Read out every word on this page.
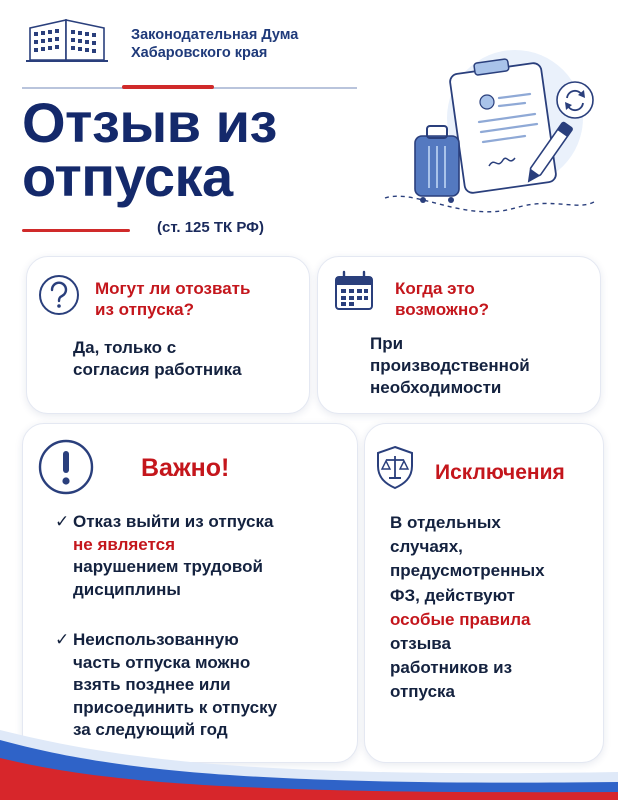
Законодательная Дума
Хабаровского края
Отзыв из
отпуска
(ст. 125 ТК РФ)
Могут ли отозвать
из отпуска?
Да, только с
согласия работника
Когда это
возможно?
При
производственной
необходимости
Важно!
✓ Отказ выйти из отпуска
не является
нарушением трудовой
дисциплины
✓ Неиспользованную
часть отпуска можно
взять позднее или
присоединить к отпуску
за следующий год
Исключения
В отдельных
случаях,
предусмотренных
ФЗ, действуют
особые правила
отзыва
работников из
отпуска
